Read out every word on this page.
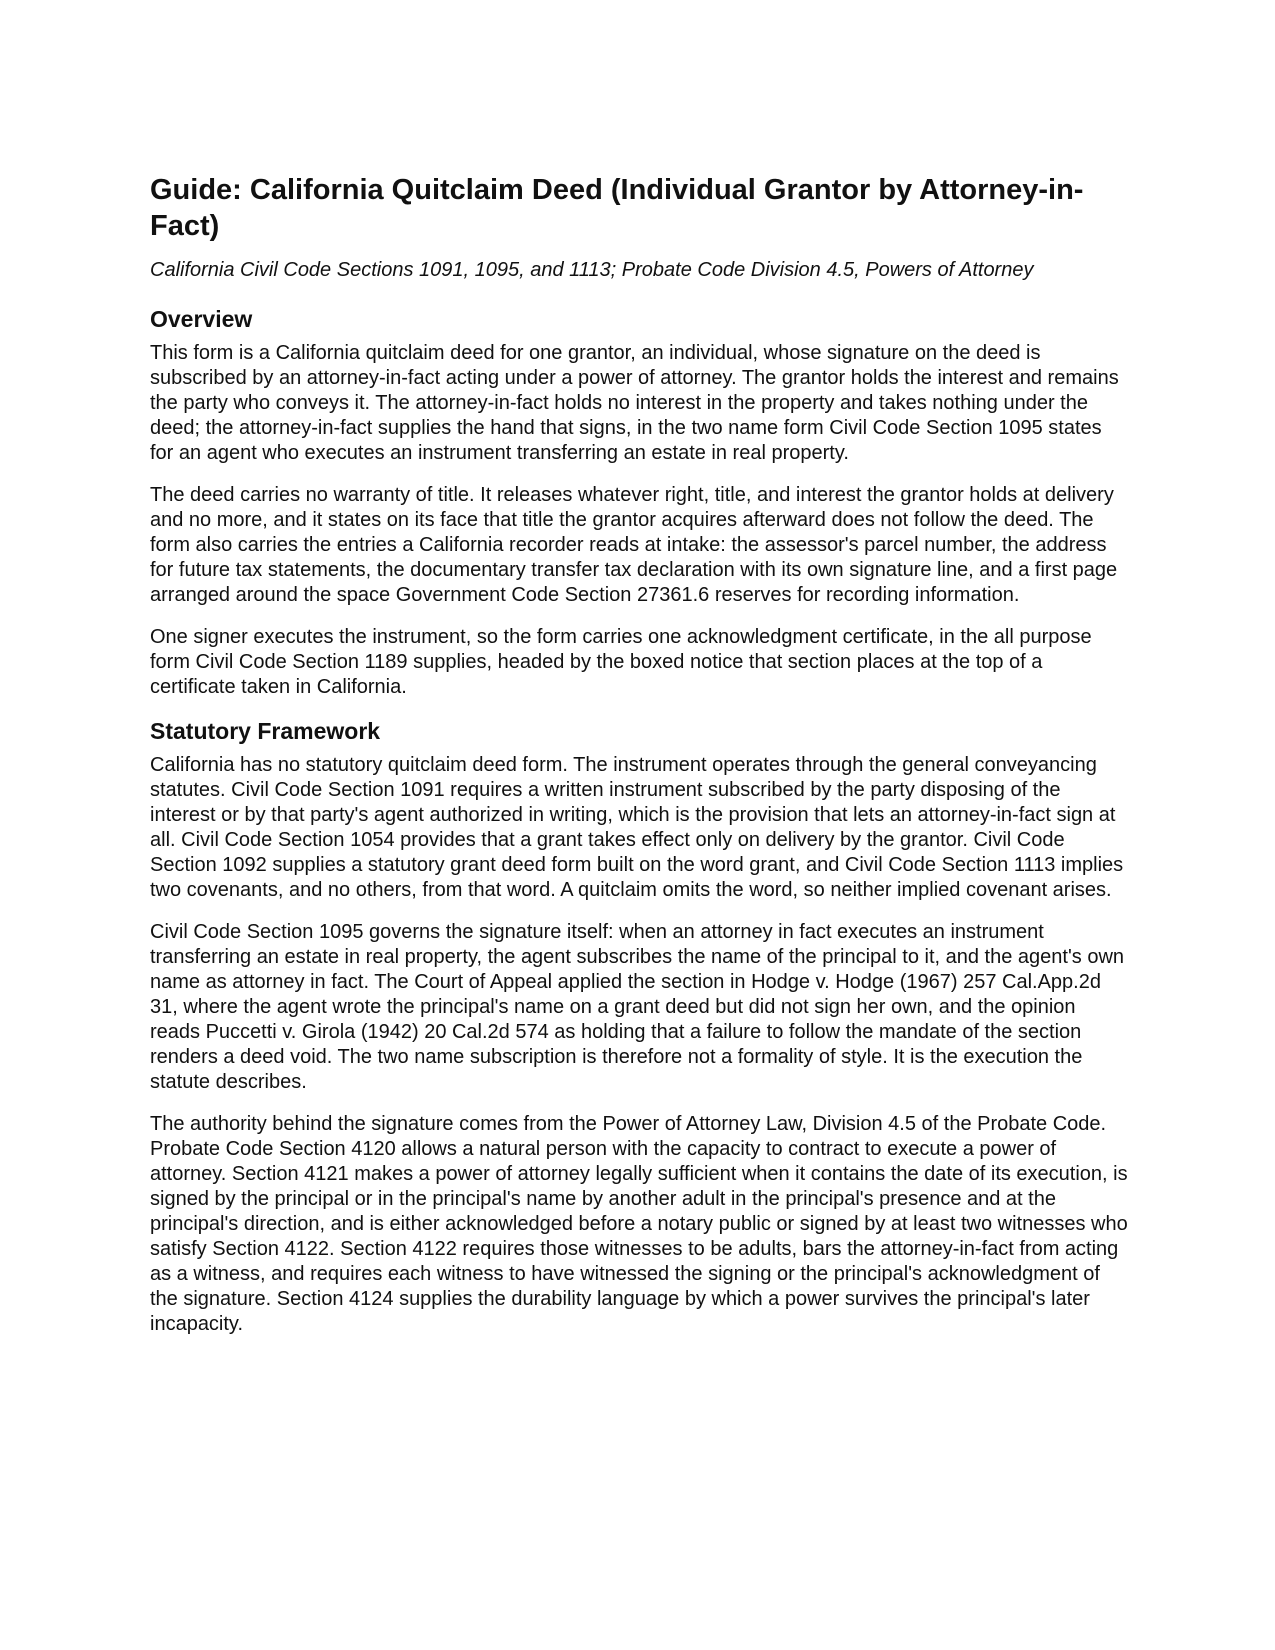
Guide: California Quitclaim Deed (Individual Grantor by Attorney-in-Fact)
California Civil Code Sections 1091, 1095, and 1113; Probate Code Division 4.5, Powers of Attorney
Overview

This form is a California quitclaim deed for one grantor, an individual, whose signature on the deed is subscribed by an attorney-in-fact acting under a power of attorney. The grantor holds the interest and remains the party who conveys it. The attorney-in-fact holds no interest in the property and takes nothing under the deed; the attorney-in-fact supplies the hand that signs, in the two name form Civil Code Section 1095 states for an agent who executes an instrument transferring an estate in real property.

The deed carries no warranty of title. It releases whatever right, title, and interest the grantor holds at delivery and no more, and it states on its face that title the grantor acquires afterward does not follow the deed. The form also carries the entries a California recorder reads at intake: the assessor's parcel number, the address for future tax statements, the documentary transfer tax declaration with its own signature line, and a first page arranged around the space Government Code Section 27361.6 reserves for recording information.

One signer executes the instrument, so the form carries one acknowledgment certificate, in the all purpose form Civil Code Section 1189 supplies, headed by the boxed notice that section places at the top of a certificate taken in California.

Statutory Framework

California has no statutory quitclaim deed form. The instrument operates through the general conveyancing statutes. Civil Code Section 1091 requires a written instrument subscribed by the party disposing of the interest or by that party's agent authorized in writing, which is the provision that lets an attorney-in-fact sign at all. Civil Code Section 1054 provides that a grant takes effect only on delivery by the grantor. Civil Code Section 1092 supplies a statutory grant deed form built on the word grant, and Civil Code Section 1113 implies two covenants, and no others, from that word. A quitclaim omits the word, so neither implied covenant arises.

Civil Code Section 1095 governs the signature itself: when an attorney in fact executes an instrument transferring an estate in real property, the agent subscribes the name of the principal to it, and the agent's own name as attorney in fact. The Court of Appeal applied the section in Hodge v. Hodge (1967) 257 Cal.App.2d 31, where the agent wrote the principal's name on a grant deed but did not sign her own, and the opinion reads Puccetti v. Girola (1942) 20 Cal.2d 574 as holding that a failure to follow the mandate of the section renders a deed void. The two name subscription is therefore not a formality of style. It is the execution the statute describes.

The authority behind the signature comes from the Power of Attorney Law, Division 4.5 of the Probate Code. Probate Code Section 4120 allows a natural person with the capacity to contract to execute a power of attorney. Section 4121 makes a power of attorney legally sufficient when it contains the date of its execution, is signed by the principal or in the principal's name by another adult in the principal's presence and at the principal's direction, and is either acknowledged before a notary public or signed by at least two witnesses who satisfy Section 4122. Section 4122 requires those witnesses to be adults, bars the attorney-in-fact from acting as a witness, and requires each witness to have witnessed the signing or the principal's acknowledgment of the signature. Section 4124 supplies the durability language by which a power survives the principal's later incapacity.
